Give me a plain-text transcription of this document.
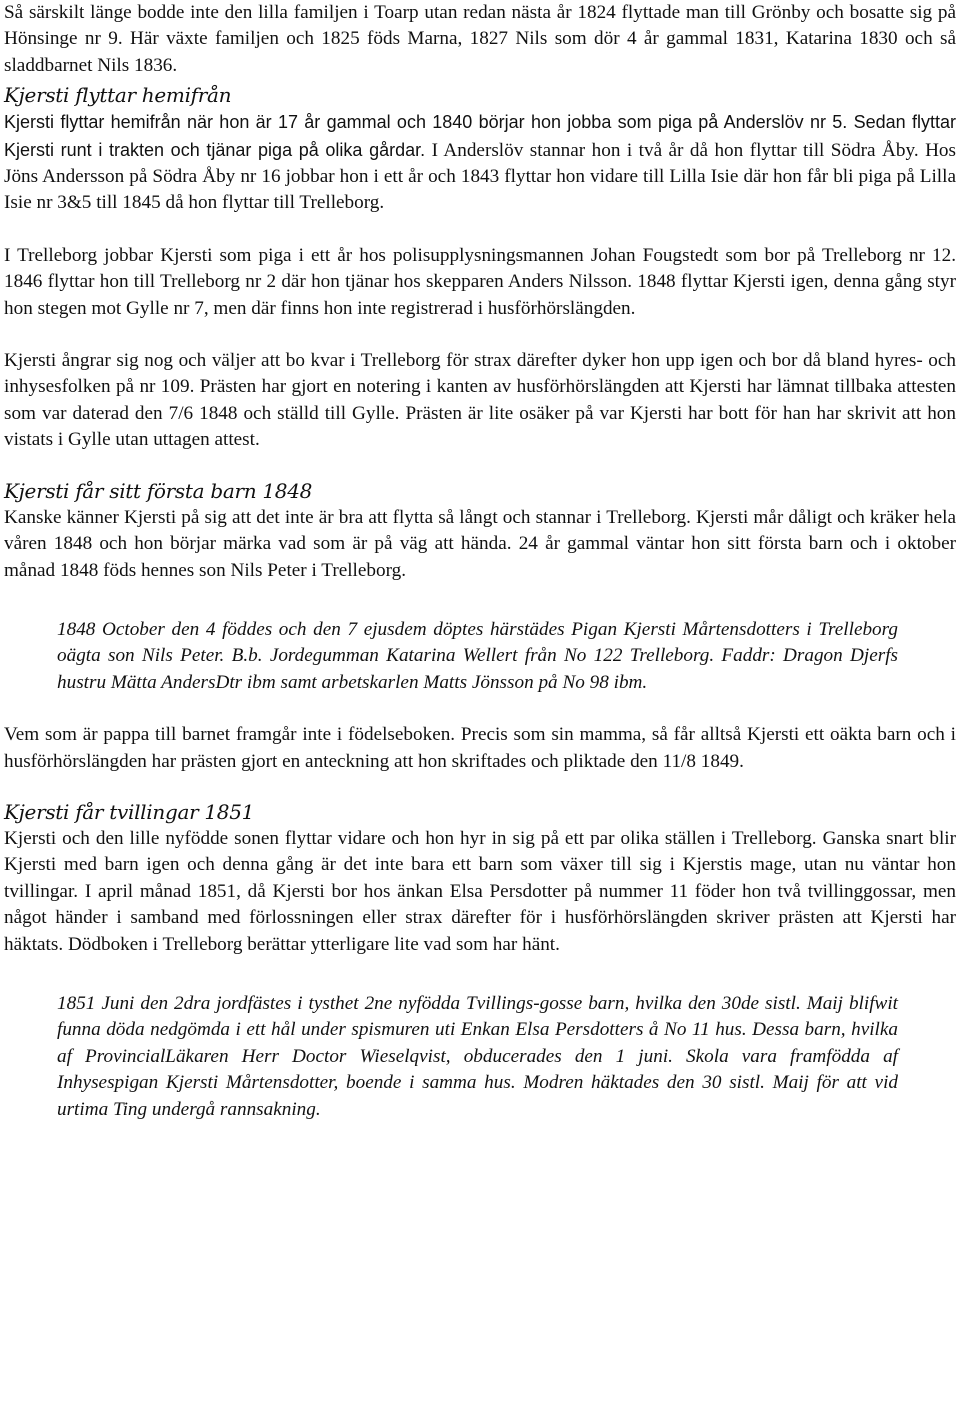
Så särskilt länge bodde inte den lilla familjen i Toarp utan redan nästa år 1824 flyttade man till Grönby och bosatte sig på Hönsinge nr 9. Här växte familjen och 1825 föds Marna, 1827 Nils som dör 4 år gammal 1831, Katarina 1830 och så sladdbarnet Nils 1836.

Kjersti flyttar hemifrån

Kjersti flyttar hemifrån när hon är 17 år gammal och 1840 börjar hon jobba som piga på Anderslöv nr 5. Sedan flyttar Kjersti runt i trakten och tjänar piga på olika gårdar. I Anderslöv stannar hon i två år då hon flyttar till Södra Åby. Hos Jöns Andersson på Södra Åby nr 16 jobbar hon i ett år och 1843 flyttar hon vidare till Lilla Isie där hon får bli piga på Lilla Isie nr 3&5 till 1845 då hon flyttar till Trelleborg.

I Trelleborg jobbar Kjersti som piga i ett år hos polisupplysningsmannen Johan Fougstedt som bor på Trelleborg nr 12. 1846 flyttar hon till Trelleborg nr 2 där hon tjänar hos skepparen Anders Nilsson. 1848 flyttar Kjersti igen, denna gång styr hon stegen mot Gylle nr 7, men där finns hon inte registrerad i husförhörslängden.

Kjersti ångrar sig nog och väljer att bo kvar i Trelleborg för strax därefter dyker hon upp igen och bor då bland hyres- och inhysesfolken på nr 109. Prästen har gjort en notering i kanten av husförhörslängden att Kjersti har lämnat tillbaka attesten som var daterad den 7/6 1848 och ställd till Gylle. Prästen är lite osäker på var Kjersti har bott för han har skrivit att hon vistats i Gylle utan uttagen attest.

Kjersti får sitt första barn 1848

Kanske känner Kjersti på sig att det inte är bra att flytta så långt och stannar i Trelleborg. Kjersti mår dåligt och kräker hela våren 1848 och hon börjar märka vad som är på väg att hända. 24 år gammal väntar hon sitt första barn och i oktober månad 1848 föds hennes son Nils Peter i Trelleborg.

1848 October den 4 föddes och den 7 ejusdem döptes härstädes Pigan Kjersti Mårtensdotters i Trelleborg oägta son Nils Peter. B.b. Jordegumman Katarina Wellert från No 122 Trelleborg. Faddr: Dragon Djerfs hustru Mätta AndersDtr ibm samt arbetskarlen Matts Jönsson på No 98 ibm.

Vem som är pappa till barnet framgår inte i födelseboken. Precis som sin mamma, så får alltså Kjersti ett oäkta barn och i husförhörslängden har prästen gjort en anteckning att hon skriftades och pliktade den 11/8 1849.

Kjersti får tvillingar 1851

Kjersti och den lille nyfödde sonen flyttar vidare och hon hyr in sig på ett par olika ställen i Trelleborg. Ganska snart blir Kjersti med barn igen och denna gång är det inte bara ett barn som växer till sig i Kjerstis mage, utan nu väntar hon tvillingar. I april månad 1851, då Kjersti bor hos änkan Elsa Persdotter på nummer 11 föder hon två tvillinggossar, men något händer i samband med förlossningen eller strax därefter för i husförhörslängden skriver prästen att Kjersti har häktats. Dödboken i Trelleborg berättar ytterligare lite vad som har hänt.

1851 Juni den 2dra jordfästes i tysthet 2ne nyfödda Tvillings-gosse barn, hvilka den 30de sistl. Maij blifwit funna döda nedgömda i ett hål under spismuren uti Enkan Elsa Persdotters å No 11 hus. Dessa barn, hvilka af ProvincialLäkaren Herr Doctor Wieselqvist, obducerades den 1 juni. Skola vara framfödda af Inhysespigan Kjersti Mårtensdotter, boende i samma hus. Modren häktades den 30 sistl. Maij för att vid urtima Ting undergå rannsakning.
